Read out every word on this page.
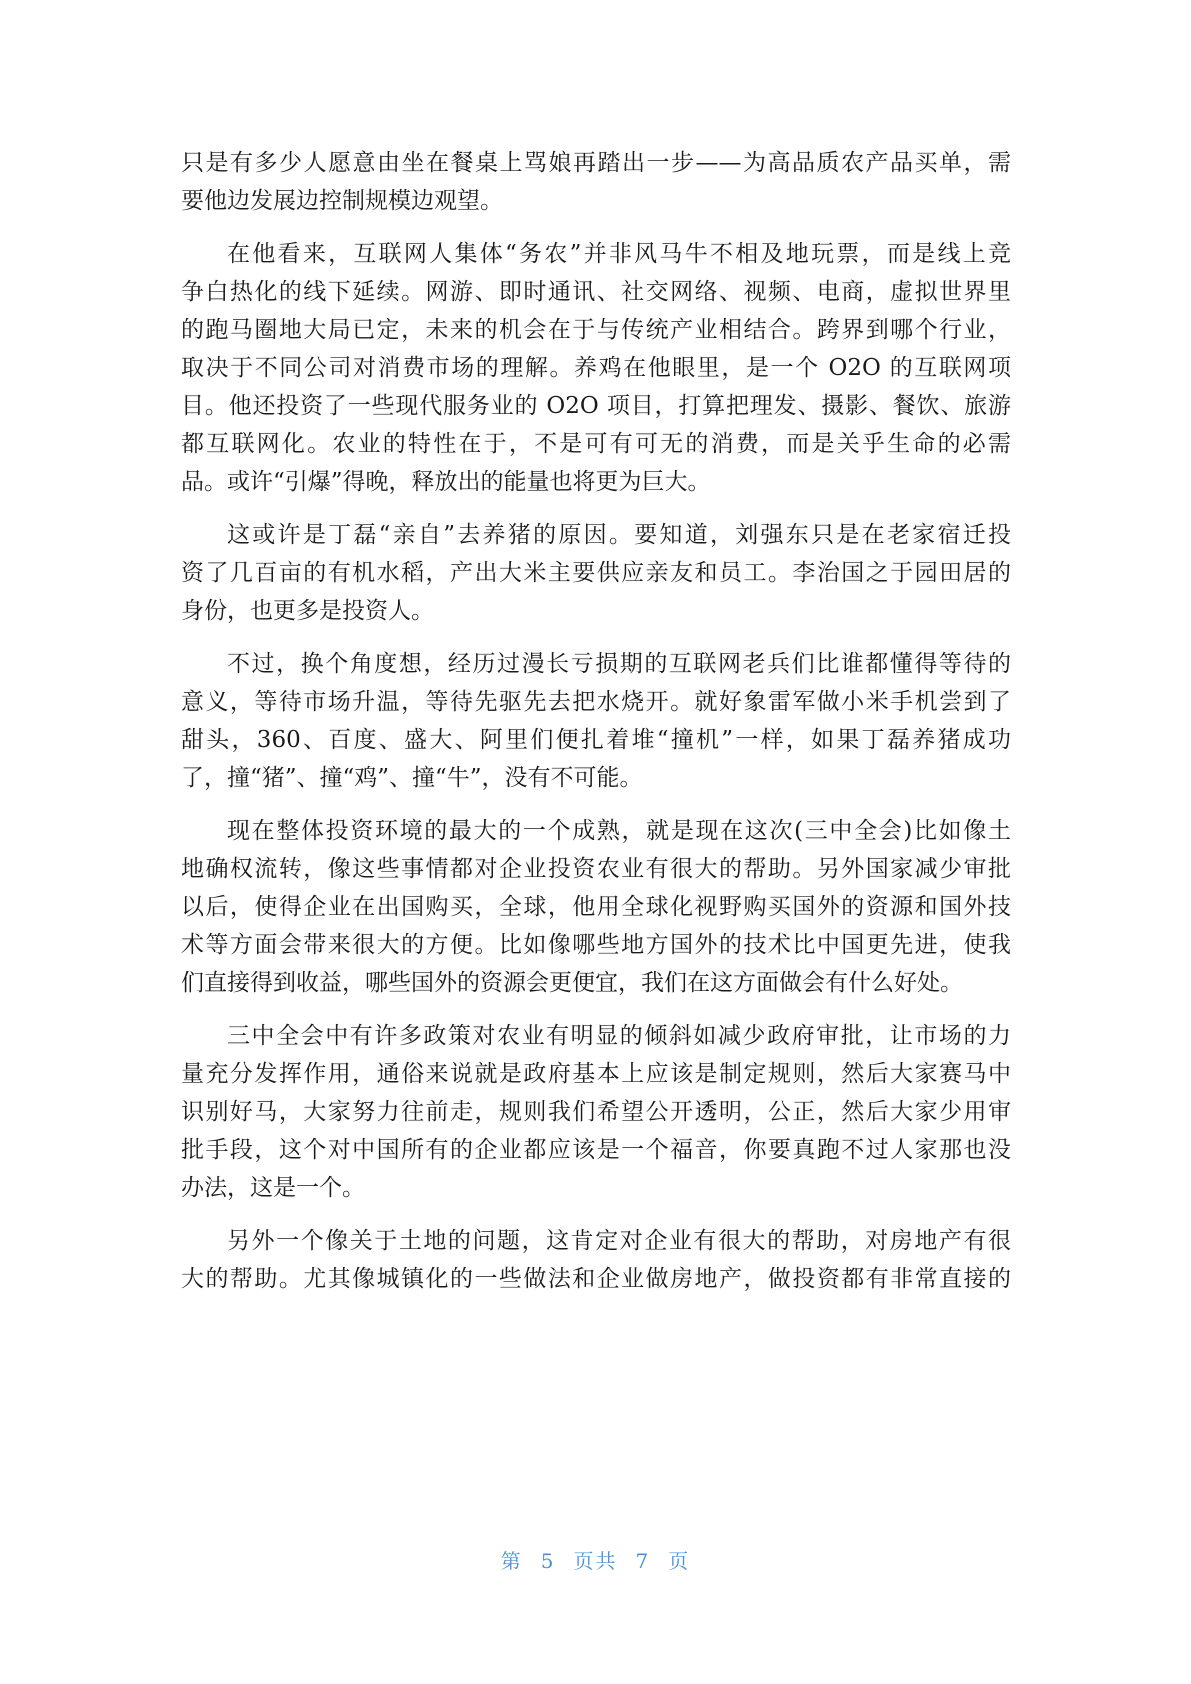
只是有多少人愿意由坐在餐桌上骂娘再踏出一步——为高品质农产品买单，需
要他边发展边控制规模边观望。
在他看来，互联网人集体“务农”并非风马牛不相及地玩票，而是线上竞
争白热化的线下延续。网游、即时通讯、社交网络、视频、电商，虚拟世界里
的跑马圈地大局已定，未来的机会在于与传统产业相结合。跨界到哪个行业，
取决于不同公司对消费市场的理解。养鸡在他眼里，是一个 O2O 的互联网项
目。他还投资了一些现代服务业的 O2O 项目，打算把理发、摄影、餐饮、旅游
都互联网化。农业的特性在于，不是可有可无的消费，而是关乎生命的必需
品。或许“引爆”得晚，释放出的能量也将更为巨大。
这或许是丁磊“亲自”去养猪的原因。要知道，刘强东只是在老家宿迁投
资了几百亩的有机水稻，产出大米主要供应亲友和员工。李治国之于园田居的
身份，也更多是投资人。
不过，换个角度想，经历过漫长亏损期的互联网老兵们比谁都懂得等待的
意义，等待市场升温，等待先驱先去把水烧开。就好象雷军做小米手机尝到了
甜头，360、百度、盛大、阿里们便扎着堆“撞机”一样，如果丁磊养猪成功
了，撞“猪”、撞“鸡”、撞“牛”，没有不可能。
现在整体投资环境的最大的一个成熟，就是现在这次(三中全会)比如像土
地确权流转，像这些事情都对企业投资农业有很大的帮助。另外国家减少审批
以后，使得企业在出国购买，全球，他用全球化视野购买国外的资源和国外技
术等方面会带来很大的方便。比如像哪些地方国外的技术比中国更先进，使我
们直接得到收益，哪些国外的资源会更便宜，我们在这方面做会有什么好处。
三中全会中有许多政策对农业有明显的倾斜如减少政府审批，让市场的力
量充分发挥作用，通俗来说就是政府基本上应该是制定规则，然后大家赛马中
识别好马，大家努力往前走，规则我们希望公开透明，公正，然后大家少用审
批手段，这个对中国所有的企业都应该是一个福音，你要真跑不过人家那也没
办法，这是一个。
另外一个像关于土地的问题，这肯定对企业有很大的帮助，对房地产有很
大的帮助。尤其像城镇化的一些做法和企业做房地产，做投资都有非常直接的
第 5 页共 7 页
